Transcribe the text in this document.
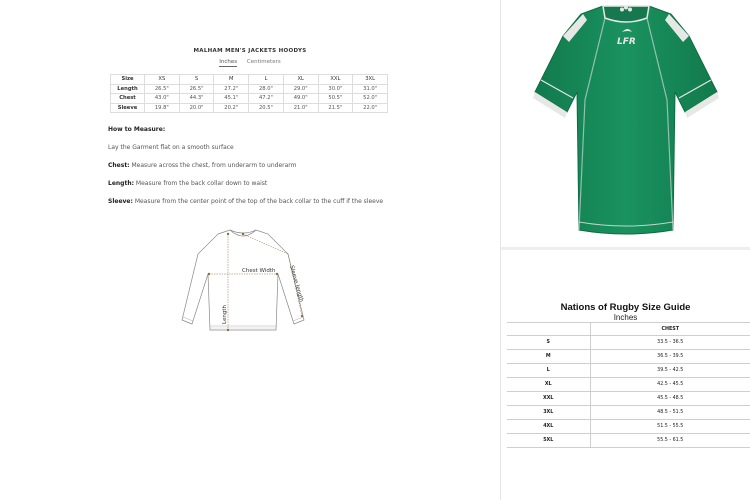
MALHAM MEN'S JACKETS HOODYS
Inches Centimeters
Size	XS	S	M	L	XL	XXL	3XL
Length	26.5"	26.5"	27.2"	28.0"	29.0"	30.0"	31.0"
Chest	43.0"	44.3"	45.1"	47.2"	49.0"	50.5"	52.0"
Sleeve	19.8"	20.0"	20.2"	20.5"	21.0"	21.5"	22.0"
How to Measure:
Lay the Garment flat on a smooth surface
Chest: Measure across the chest, from underarm to underarm
Length: Measure from the back collar down to waist
Sleeve: Measure from the center point of the top of the back collar to the cuff if the sleeve
Chest Width Sleeve length
Length
LFR
Nations of Rugby Size Guide
Inches
	CHEST
S	33.5 - 36.5
M	36.5 - 39.5
L	39.5 - 42.5
XL	42.5 - 45.5
XXL	45.5 - 48.5
3XL	48.5 - 51.5
4XL	51.5 - 55.5
5XL	55.5 - 61.5
